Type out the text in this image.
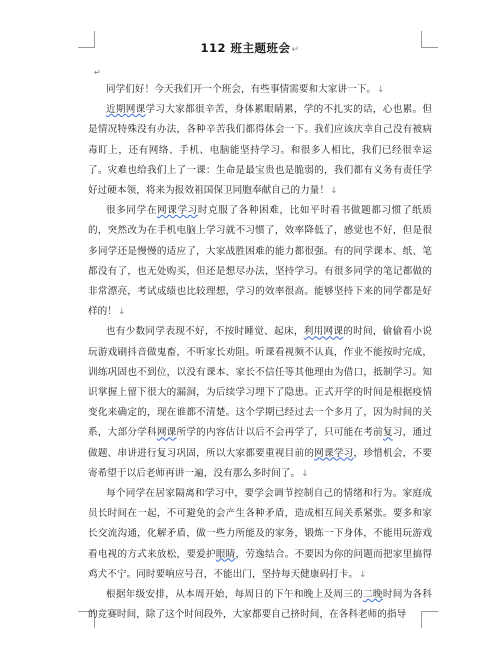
112 班主题班会↵
↵

同学们好！今天我们开一个班会，有些事情需要和大家讲一下。↓

近期网课学习大家都很辛苦，身体累眼睛累，学的不扎实的话，心也累。但是情况特殊没有办法，各种辛苦我们都得体会一下。我们应该庆幸自己没有被病毒盯上，还有网络、手机、电脑能坚持学习。和很多人相比，我们已经很幸运了。灾难也给我们上了一课：生命是最宝贵也是脆弱的，我们都有义务有责任学好过硬本领，将来为报效祖国保卫同胞奉献自己的力量！↓

很多同学在网课学习时克服了各种困难，比如平时看书做题都习惯了纸质的，突然改为在手机电脑上学习就不习惯了，效率降低了，感觉也不好，但是很多同学还是慢慢的适应了，大家战胜困难的能力都很强。有的同学课本、纸、笔都没有了，也无处购买，但还是想尽办法，坚持学习。有很多同学的笔记都做的非常漂亮，考试成绩也比较理想，学习的效率很高。能够坚持下来的同学都是好样的！↓

也有少数同学表现不好，不按时睡觉、起床，利用网课的时间，偷偷看小说玩游戏刷抖音做鬼畜，不听家长劝阻。听课看视频不认真，作业不能按时完成，训练巩固也不到位，以没有课本、家长不信任等其他理由为借口，抵制学习。知识掌握上留下很大的漏洞，为后续学习埋下了隐患。正式开学的时间是根据疫情变化来确定的，现在谁都不清楚。这个学期已经过去一个多月了，因为时间的关系，大部分学科网课所学的内容估计以后不会再学了，只可能在考前复习，通过做题、串讲进行复习巩固，所以大家都要重视目前的网课学习，珍惜机会，不要寄希望于以后老师再讲一遍，没有那么多时间了。↓

每个同学在居家隔离和学习中，要学会调节控制自己的情绪和行为。家庭成员长时间在一起，不可避免的会产生各种矛盾，造成相互间关系紧张。要多和家长交流沟通，化解矛盾，做一些力所能及的家务，锻炼一下身体，不能用玩游戏看电视的方式来放松，要爱护眼睛，劳逸结合。不要因为你的问题而把家里搞得鸡犬不宁。同时要响应号召，不能出门，坚持每天健康码打卡。↓

根据年级安排，从本周开始，每周日的下午和晚上及周三的二晚时间为各科的竞赛时间，除了这个时间段外，大家都要自己挤时间，在各科老师的指导
